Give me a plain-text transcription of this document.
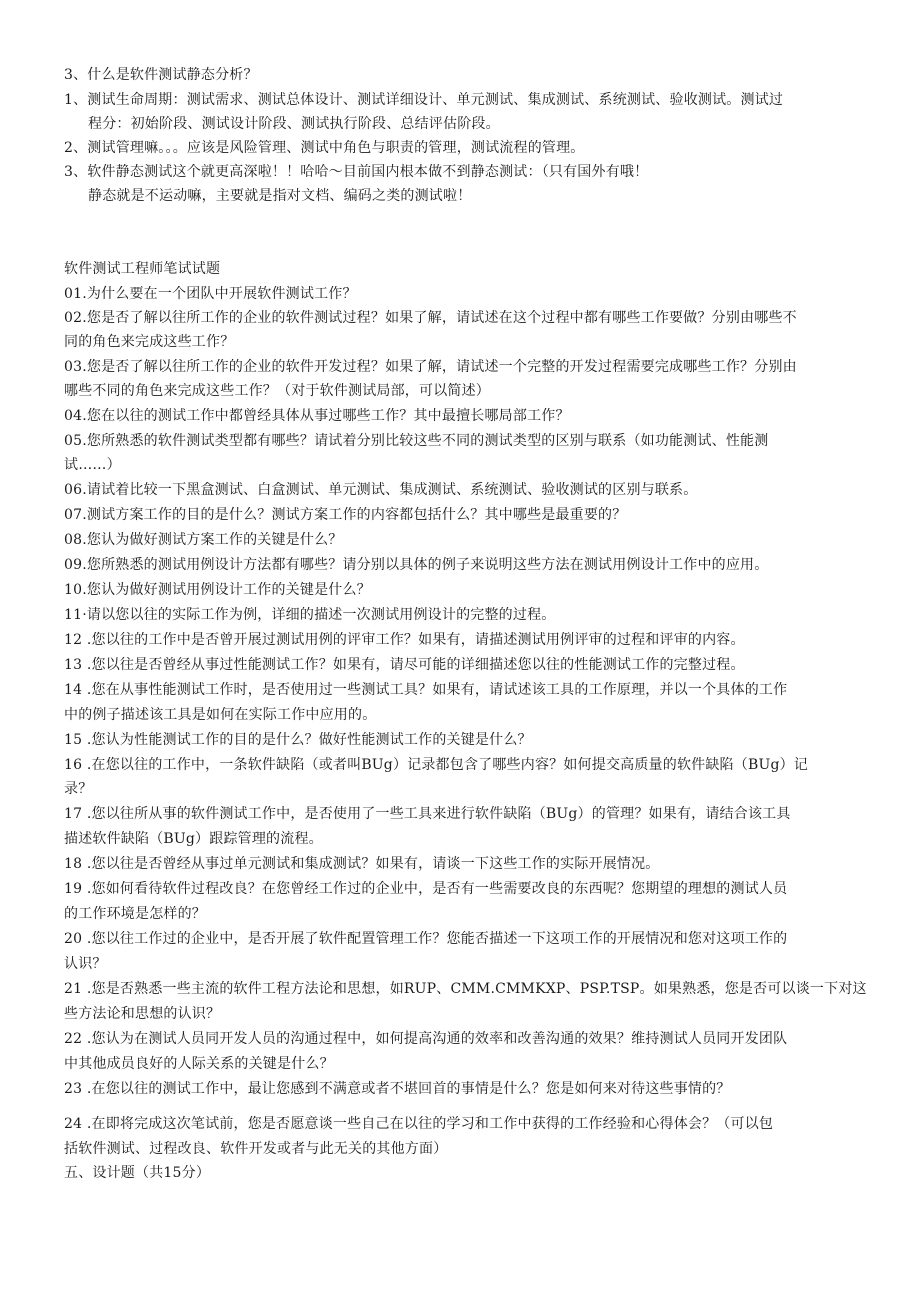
3、什么是软件测试静态分析？
1、测试生命周期：测试需求、测试总体设计、测试详细设计、单元测试、集成测试、系统测试、验收测试。测试过
程分：初始阶段、测试设计阶段、测试执行阶段、总结评估阶段。
2、测试管理嘛。。。应该是风险管理、测试中角色与职责的管理，测试流程的管理。
3、软件静态测试这个就更高深啦！！哈哈〜目前国内根本做不到静态测试：（只有国外有哦！
静态就是不运动嘛，主要就是指对文档、编码之类的测试啦！
软件测试工程师笔试试题
01.为什么要在一个团队中开展软件测试工作？
02.您是否了解以往所工作的企业的软件测试过程？如果了解，请试述在这个过程中都有哪些工作要做？分别由哪些不
同的角色来完成这些工作？
03.您是否了解以往所工作的企业的软件开发过程？如果了解，请试述一个完整的开发过程需要完成哪些工作？分别由
哪些不同的角色来完成这些工作？（对于软件测试局部，可以简述）
04.您在以往的测试工作中都曾经具体从事过哪些工作？其中最擅长哪局部工作？
05.您所熟悉的软件测试类型都有哪些？请试着分别比较这些不同的测试类型的区别与联系（如功能测试、性能测
试……）
06.请试着比较一下黑盒测试、白盒测试、单元测试、集成测试、系统测试、验收测试的区别与联系。
07.测试方案工作的目的是什么？测试方案工作的内容都包括什么？其中哪些是最重要的？
08.您认为做好测试方案工作的关键是什么？
09.您所熟悉的测试用例设计方法都有哪些？请分别以具体的例子来说明这些方法在测试用例设计工作中的应用。
10.您认为做好测试用例设计工作的关键是什么？
11·请以您以往的实际工作为例，详细的描述一次测试用例设计的完整的过程。
12 .您以往的工作中是否曾开展过测试用例的评审工作？如果有，请描述测试用例评审的过程和评审的内容。
13 .您以往是否曾经从事过性能测试工作？如果有，请尽可能的详细描述您以往的性能测试工作的完整过程。
14 .您在从事性能测试工作时，是否使用过一些测试工具？如果有，请试述该工具的工作原理，并以一个具体的工作
中的例子描述该工具是如何在实际工作中应用的。
15 .您认为性能测试工作的目的是什么？做好性能测试工作的关键是什么？
16 .在您以往的工作中，一条软件缺陷（或者叫BUg）记录都包含了哪些内容？如何提交高质量的软件缺陷（BUg）记
录？
17 .您以往所从事的软件测试工作中，是否使用了一些工具来进行软件缺陷（BUg）的管理？如果有，请结合该工具
描述软件缺陷（BUg）跟踪管理的流程。
18 .您以往是否曾经从事过单元测试和集成测试？如果有，请谈一下这些工作的实际开展情况。
19 .您如何看待软件过程改良？在您曾经工作过的企业中，是否有一些需要改良的东西呢？您期望的理想的测试人员
的工作环境是怎样的？
20 .您以往工作过的企业中，是否开展了软件配置管理工作？您能否描述一下这项工作的开展情况和您对这项工作的
认识？
21 .您是否熟悉一些主流的软件工程方法论和思想，如RUP、CMM.CMMKXP、PSP.TSP。如果熟悉，您是否可以谈一下对这
些方法论和思想的认识？
22 .您认为在测试人员同开发人员的沟通过程中，如何提高沟通的效率和改善沟通的效果？维持测试人员同开发团队
中其他成员良好的人际关系的关键是什么？
23 .在您以往的测试工作中，最让您感到不满意或者不堪回首的事情是什么？您是如何来对待这些事情的？
24 .在即将完成这次笔试前，您是否愿意谈一些自己在以往的学习和工作中获得的工作经验和心得体会？（可以包
括软件测试、过程改良、软件开发或者与此无关的其他方面）
五、设计题（共15分）
